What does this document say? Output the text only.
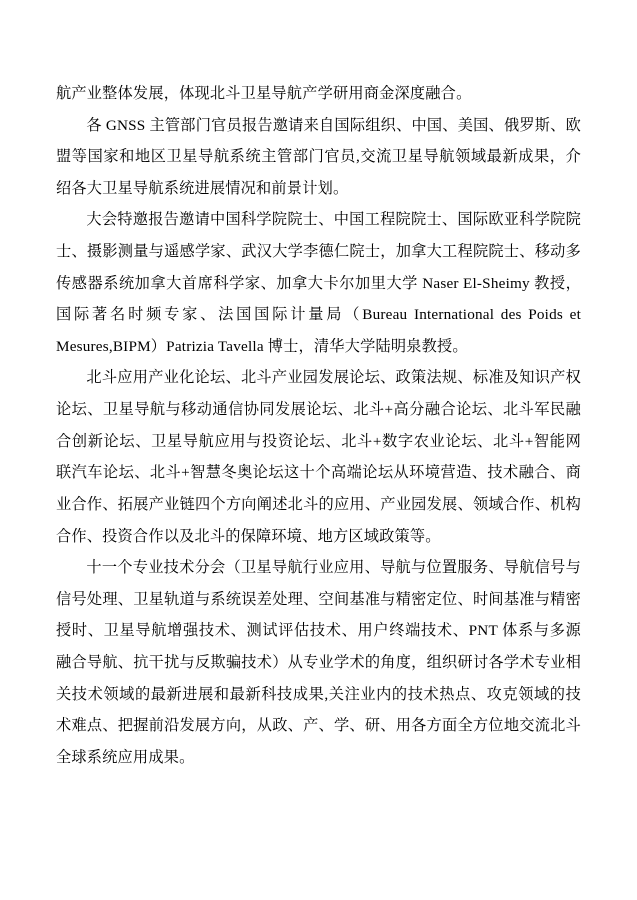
航产业整体发展，体现北斗卫星导航产学研用商金深度融合。

各 GNSS 主管部门官员报告邀请来自国际组织、中国、美国、俄罗斯、欧盟等国家和地区卫星导航系统主管部门官员,交流卫星导航领域最新成果，介绍各大卫星导航系统进展情况和前景计划。

大会特邀报告邀请中国科学院院士、中国工程院院士、国际欧亚科学院院士、摄影测量与遥感学家、武汉大学李德仁院士，加拿大工程院院士、移动多传感器系统加拿大首席科学家、加拿大卡尔加里大学 Naser El-Sheimy 教授，国际著名时频专家、法国国际计量局（Bureau International des Poids et Mesures,BIPM）Patrizia Tavella 博士，清华大学陆明泉教授。

北斗应用产业化论坛、北斗产业园发展论坛、政策法规、标准及知识产权论坛、卫星导航与移动通信协同发展论坛、北斗+高分融合论坛、北斗军民融合创新论坛、卫星导航应用与投资论坛、北斗+数字农业论坛、北斗+智能网联汽车论坛、北斗+智慧冬奥论坛这十个高端论坛从环境营造、技术融合、商业合作、拓展产业链四个方向阐述北斗的应用、产业园发展、领域合作、机构合作、投资合作以及北斗的保障环境、地方区域政策等。

十一个专业技术分会（卫星导航行业应用、导航与位置服务、导航信号与信号处理、卫星轨道与系统误差处理、空间基准与精密定位、时间基准与精密授时、卫星导航增强技术、测试评估技术、用户终端技术、PNT 体系与多源融合导航、抗干扰与反欺骗技术）从专业学术的角度，组织研讨各学术专业相关技术领域的最新进展和最新科技成果,关注业内的技术热点、攻克领域的技术难点、把握前沿发展方向，从政、产、学、研、用各方面全方位地交流北斗全球系统应用成果。
